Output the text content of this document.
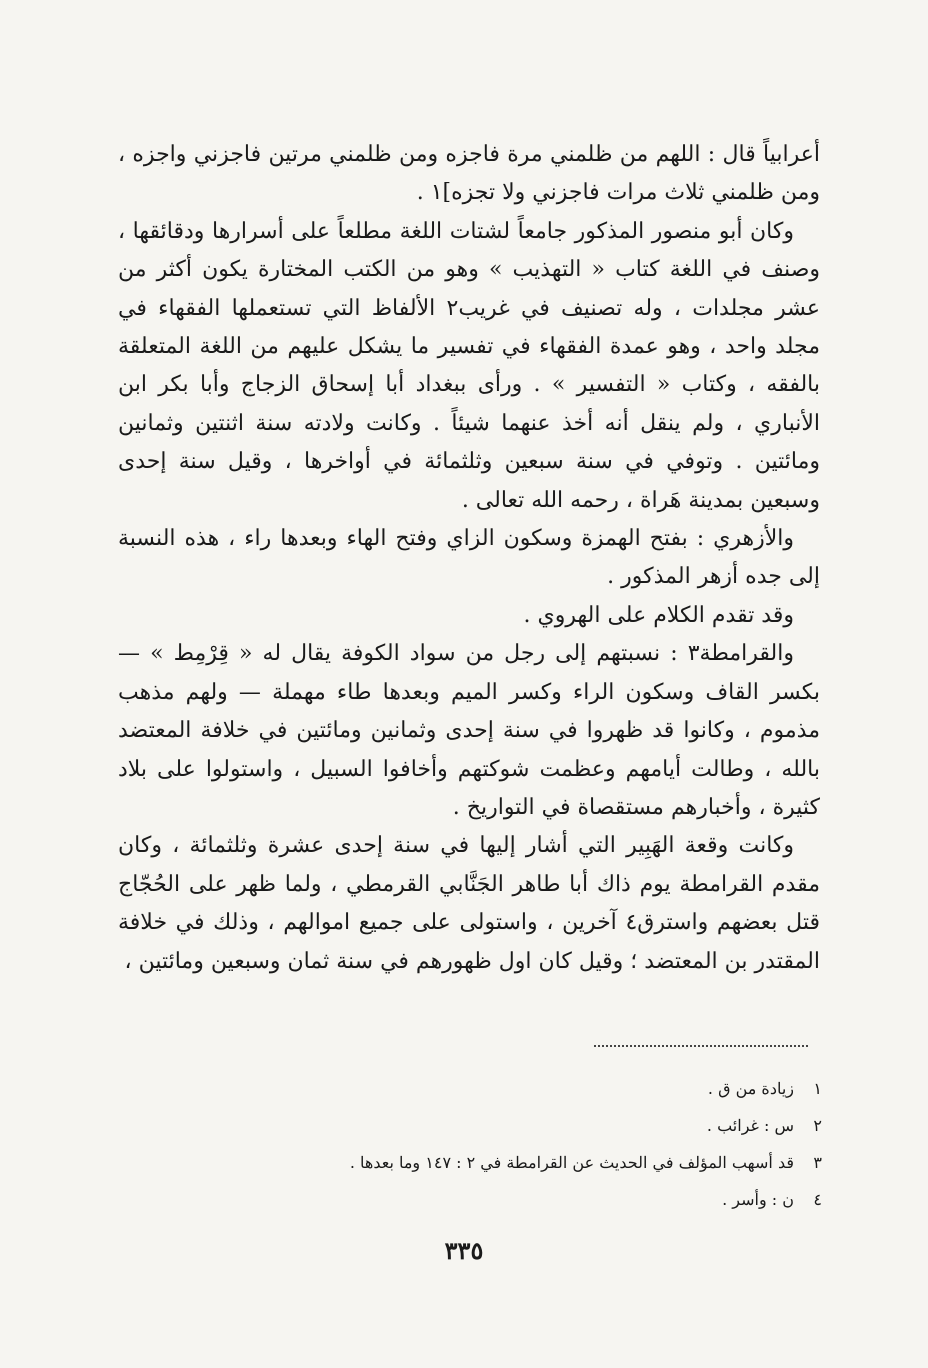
أعرابياً قال : اللهم من ظلمني مرة فاجزه ومن ظلمني مرتين فاجزني واجزه ، ومن ظلمني ثلاث مرات فاجزني ولا تجزه]١ .

وكان أبو منصور المذكور جامعاً لشتات اللغة مطلعاً على أسرارها ودقائقها ، وصنف في اللغة كتاب « التهذيب » وهو من الكتب المختارة يكون أكثر من عشر مجلدات ، وله تصنيف في غريب٢ الألفاظ التي تستعملها الفقهاء في مجلد واحد ، وهو عمدة الفقهاء في تفسير ما يشكل عليهم من اللغة المتعلقة بالفقه ، وكتاب « التفسير » . ورأى ببغداد أبا إسحاق الزجاج وأبا بكر ابن الأنباري ، ولم ينقل أنه أخذ عنهما شيئاً . وكانت ولادته سنة اثنتين وثمانين ومائتين . وتوفي في سنة سبعين وثلثمائة في أواخرها ، وقيل سنة إحدى وسبعين بمدينة هَراة ، رحمه الله تعالى .

والأزهري : بفتح الهمزة وسكون الزاي وفتح الهاء وبعدها راء ، هذه النسبة إلى جده أزهر المذكور .

وقد تقدم الكلام على الهروي .

والقرامطة٣ : نسبتهم إلى رجل من سواد الكوفة يقال له « قِرْمِط » — بكسر القاف وسكون الراء وكسر الميم وبعدها طاء مهملة — ولهم مذهب مذموم ، وكانوا قد ظهروا في سنة إحدى وثمانين ومائتين في خلافة المعتضد بالله ، وطالت أيامهم وعظمت شوكتهم وأخافوا السبيل ، واستولوا على بلاد كثيرة ، وأخبارهم مستقصاة في التواريخ .

وكانت وقعة الهَبِير التي أشار إليها في سنة إحدى عشرة وثلثمائة ، وكان مقدم القرامطة يوم ذاك أبا طاهر الجَنَّابي القرمطي ، ولما ظهر على الحُجّاج قتل بعضهم واسترق٤ آخرين ، واستولى على جميع اموالهم ، وذلك في خلافة المقتدر بن المعتضد ؛ وقيل كان اول ظهورهم في سنة ثمان وسبعين ومائتين ،

١زيادة من ق .
٢س : غرائب .
٣قد أسهب المؤلف في الحديث عن القرامطة في ٢ : ١٤٧ وما بعدها .
٤ن : وأسر .
٣٣٥
